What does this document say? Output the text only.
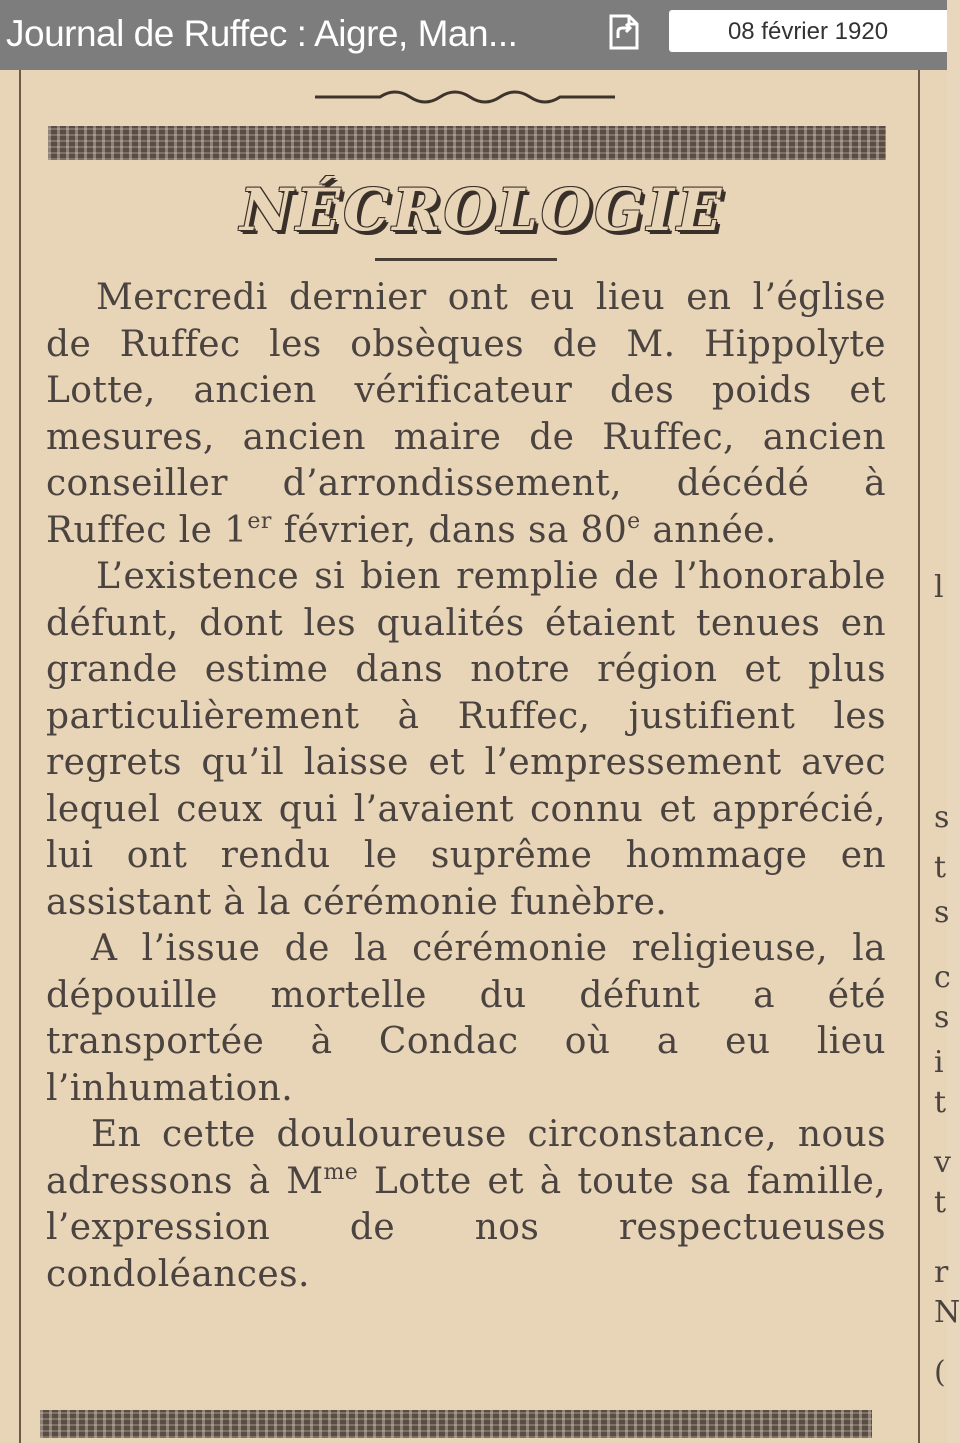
Journal de Ruffec : Aigre, Man...	08 février 1920
NÉCROLOGIE

Mercredi dernier ont eu lieu en l’église de Ruffec les obsèques de M. Hippolyte Lotte, ancien vérificateur des poids et mesures, ancien maire de Ruffec, ancien conseiller d’arrondissement, décédé à Ruffec le 1er février, dans sa 80e année.

L’existence si bien remplie de l’honorable défunt, dont les qualités étaient tenues en grande estime dans notre région et plus particulièrement à Ruffec, justifient les regrets qu’il laisse et l’empressement avec lequel ceux qui l’avaient connu et apprécié, lui ont rendu le suprême hommage en assistant à la cérémonie funèbre.

A l’issue de la cérémonie religieuse, la dépouille mortelle du défunt a été transportée à Condac où a eu lieu l’inhumation.

En cette douloureuse circonstance, nous adressons à $M^{me}$ Lotte et à toute sa famille, l’expression de nos respectueuses condoléances.

l
s
t
s
c
s
i
t
v
t
r
N
(
